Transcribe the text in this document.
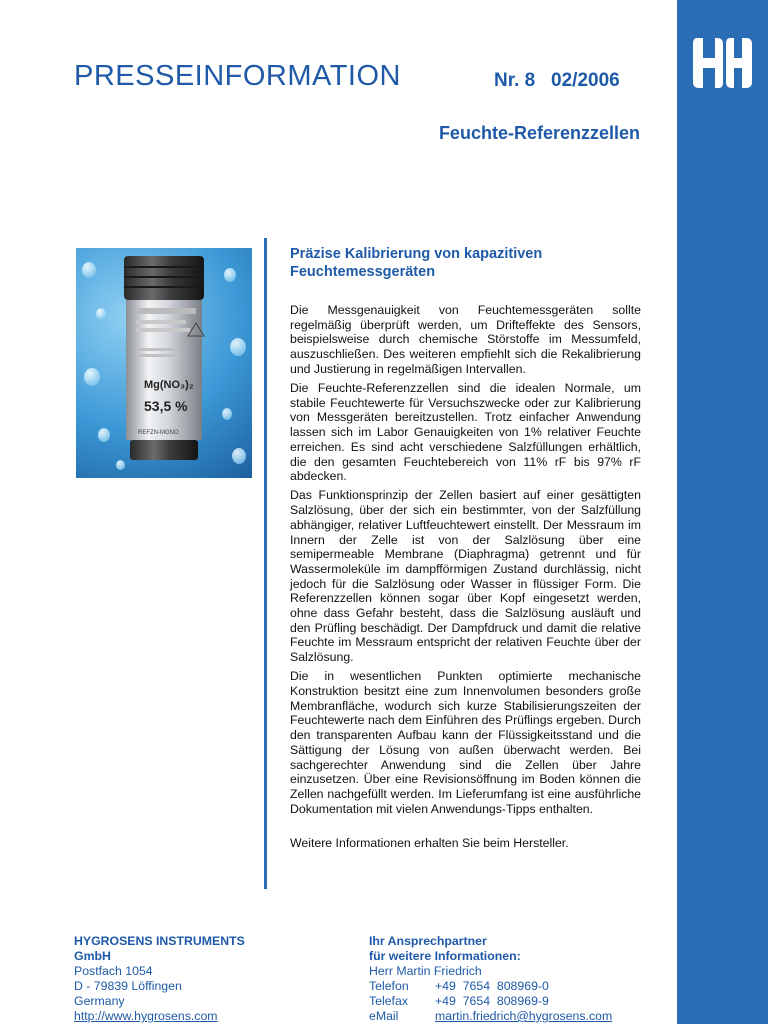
PRESSEINFORMATION	Nr. 8 02/2006
Feuchte-Referenzzellen
Mg(NO₃)₂
53,5 %
REFZN-MGNO
Präzise Kalibrierung von kapazitiven
Feuchtemessgeräten

Die Messgenauigkeit von Feuchtemessgeräten sollte regelmäßig überprüft werden, um Drifteffekte des Sensors, beispielsweise durch chemische Störstoffe im Messumfeld, auszuschließen. Des weiteren empfiehlt sich die Rekalibrierung und Justierung in regelmäßigen Intervallen.

Die Feuchte-Referenzzellen sind die idealen Normale, um stabile Feuchtewerte für Versuchszwecke oder zur Kalibrierung von Messgeräten bereitzustellen. Trotz einfacher Anwendung lassen sich im Labor Genauigkeiten von 1% relativer Feuchte erreichen. Es sind acht verschiedene Salzfüllungen erhältlich, die den gesamten Feuchtebereich von 11% rF bis 97% rF abdecken.

Das Funktionsprinzip der Zellen basiert auf einer gesättigten Salzlösung, über der sich ein bestimmter, von der Salzfüllung abhängiger, relativer Luftfeuchtewert einstellt. Der Messraum im Innern der Zelle ist von der Salzlösung über eine semipermeable Membrane (Diaphragma) getrennt und für Wassermoleküle im dampfförmigen Zustand durchlässig, nicht jedoch für die Salzlösung oder Wasser in flüssiger Form. Die Referenzzellen können sogar über Kopf eingesetzt werden, ohne dass Gefahr besteht, dass die Salzlösung ausläuft und den Prüfling beschädigt. Der Dampfdruck und damit die relative Feuchte im Messraum entspricht der relativen Feuchte über der Salzlösung.

Die in wesentlichen Punkten optimierte mechanische Konstruktion besitzt eine zum Innenvolumen besonders große Membranfläche, wodurch sich kurze Stabilisierungszeiten der Feuchtewerte nach dem Einführen des Prüflings ergeben. Durch den transparenten Aufbau kann der Flüssigkeitsstand und die Sättigung der Lösung von außen überwacht werden. Bei sachgerechter Anwendung sind die Zellen über Jahre einzusetzen. Über eine Revisionsöffnung im Boden können die Zellen nachgefüllt werden. Im Lieferumfang ist eine ausführliche Dokumentation mit vielen Anwendungs-Tipps enthalten.

Weitere Informationen erhalten Sie beim Hersteller.

HYGROSENS INSTRUMENTS
GmbH
Postfach 1054
D - 79839 Löffingen
Germany
http://www.hygrosens.com
Ihr Ansprechpartner
für weitere Informationen:
Herr Martin Friedrich
Telefon	+49  7654  808969-0
Telefax	+49  7654  808969-9
eMail	martin.friedrich@hygrosens.com
